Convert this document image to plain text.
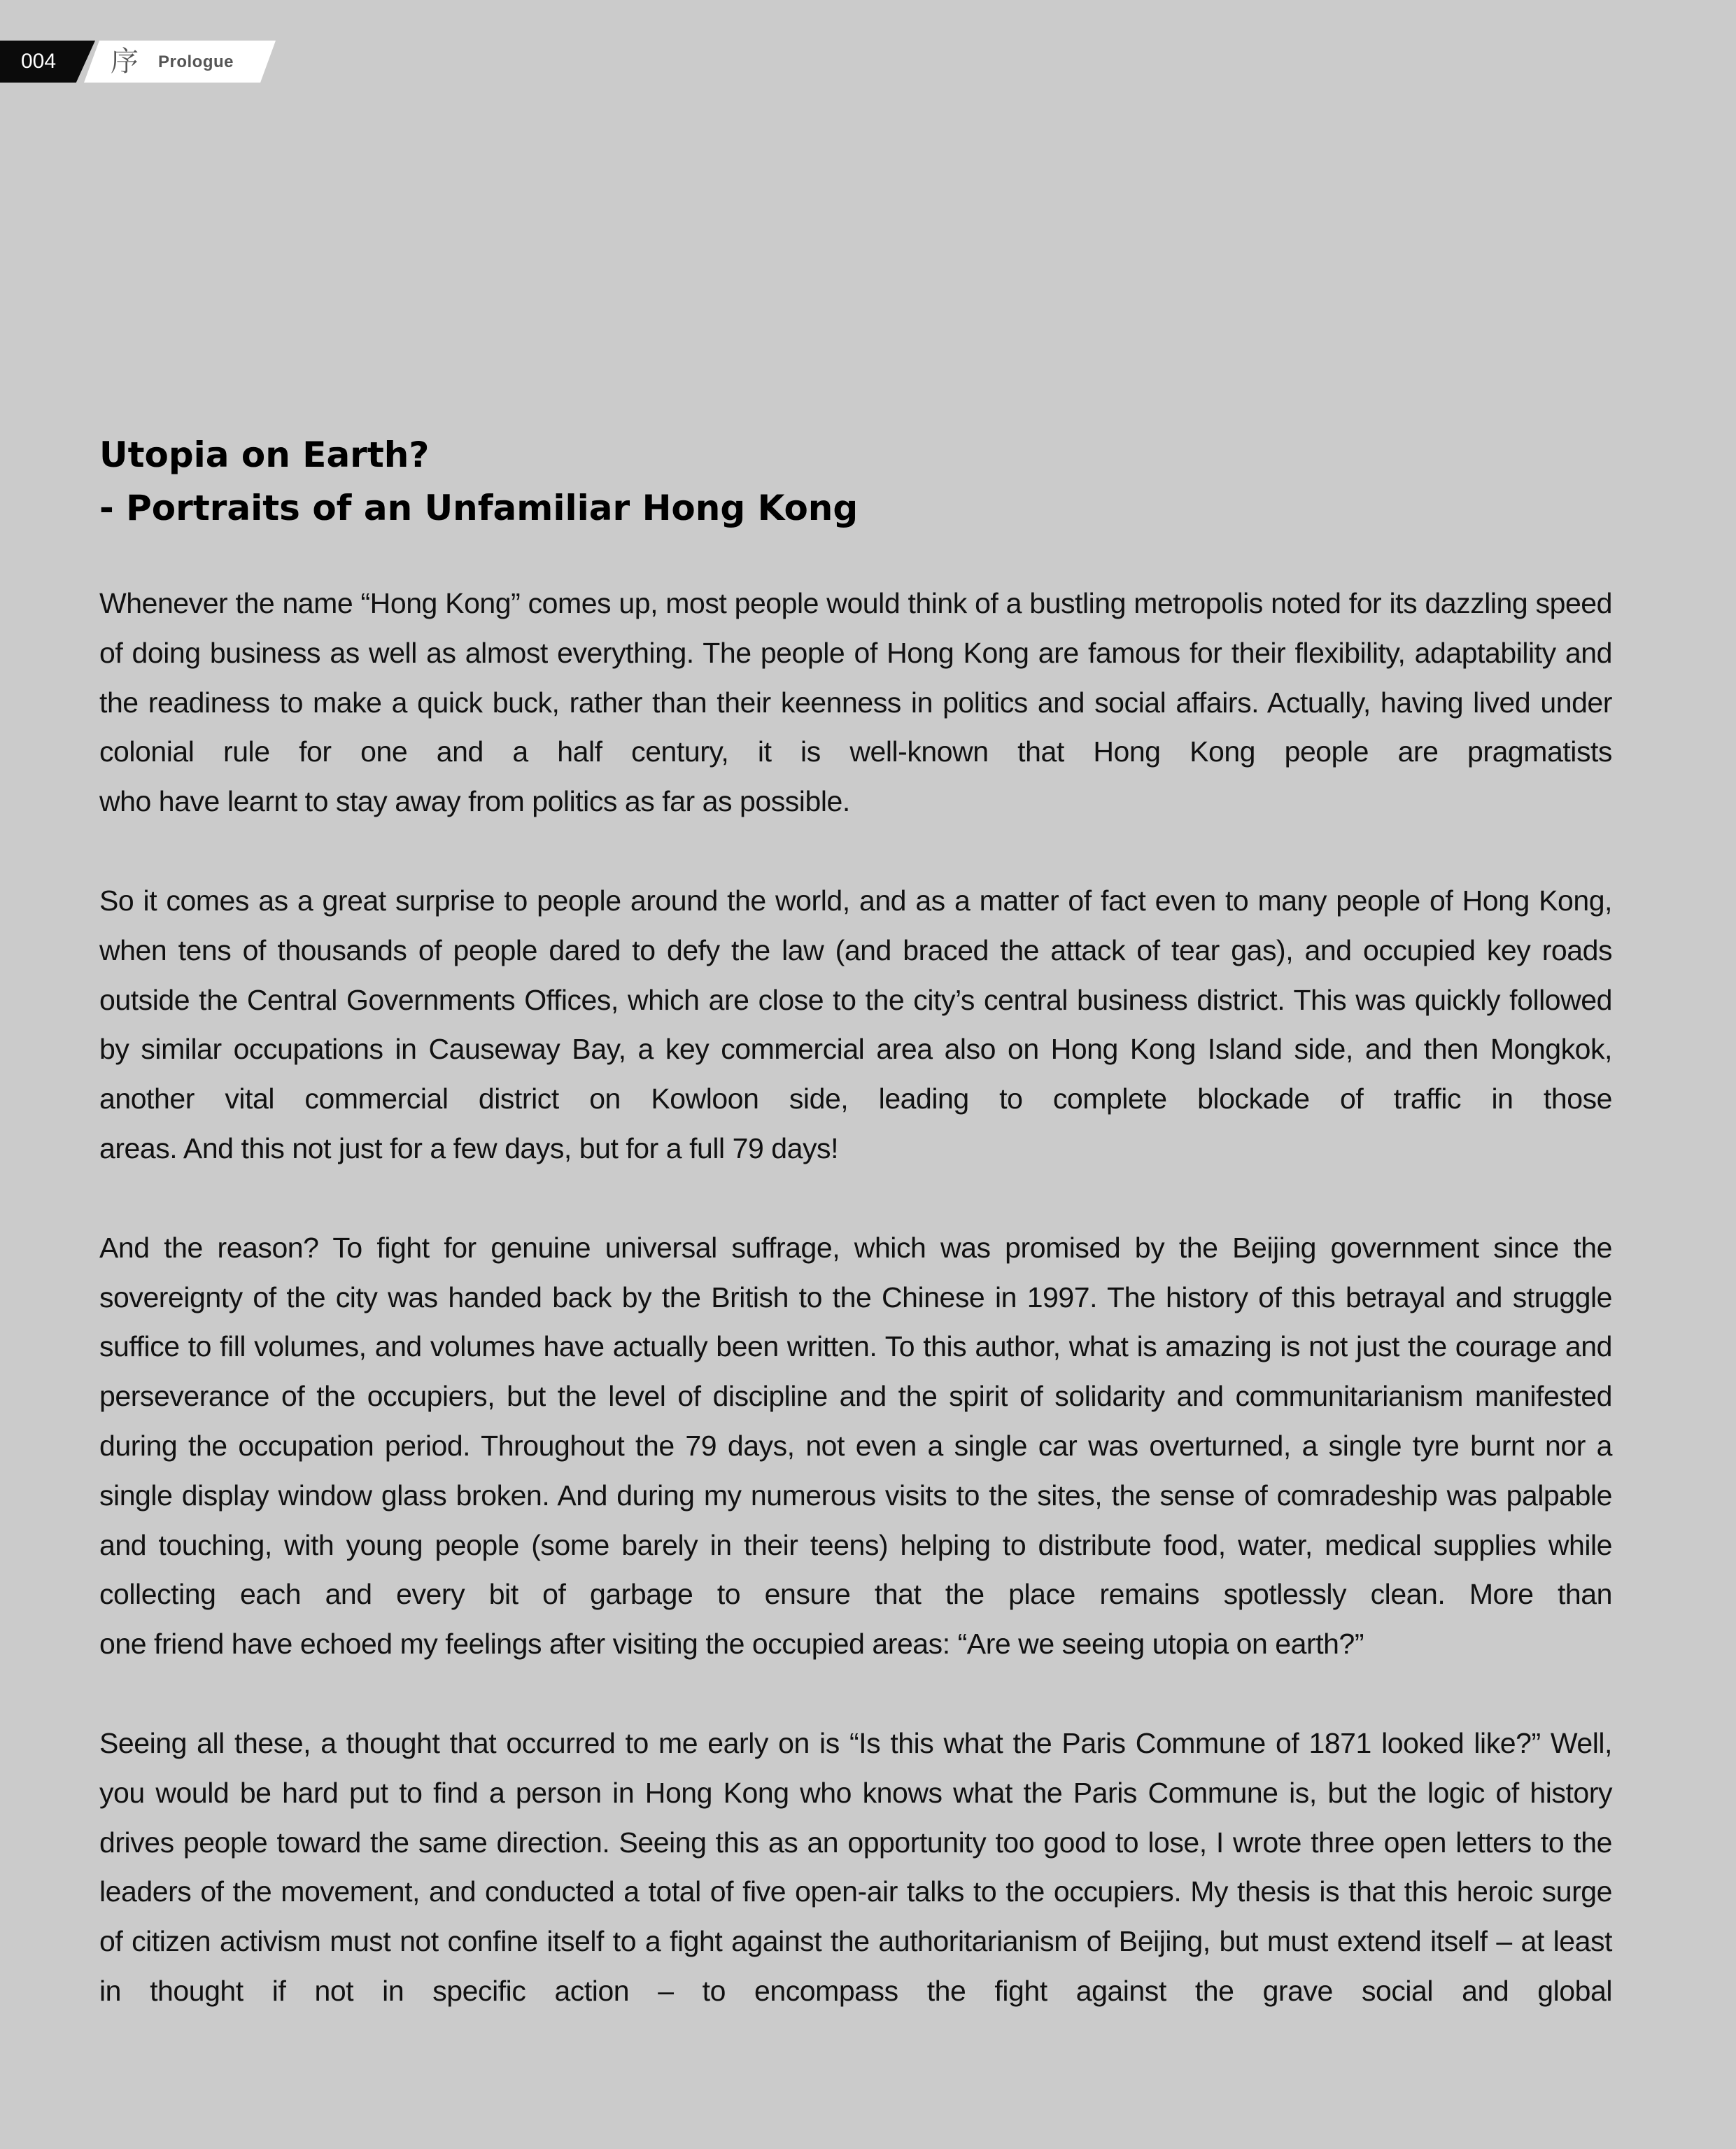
004 序 Prologue
Utopia on Earth?
- Portraits of an Unfamiliar Hong Kong

Whenever the name “Hong Kong” comes up, most people would think of a bustling metropolis noted for its dazzling speed of doing business as well as almost everything. The people of Hong Kong are famous for their flexibility, adaptability and the readiness to make a quick buck, rather than their keenness in politics and social affairs. Actually, having lived under colonial rule for one and a half century, it is well-known that Hong Kong people are pragmatists
who have learnt to stay away from politics as far as possible.

So it comes as a great surprise to people around the world, and as a matter of fact even to many people of Hong Kong, when tens of thousands of people dared to defy the law (and braced the attack of tear gas), and occupied key roads outside the Central Governments Offices, which are close to the city’s central business district. This was quickly followed by similar occupations in Causeway Bay, a key commercial area also on Hong Kong Island side, and then Mongkok, another vital commercial district on Kowloon side, leading to complete blockade of traffic in those
areas. And this not just for a few days, but for a full 79 days!

And the reason? To fight for genuine universal suffrage, which was promised by the Beijing government since the sovereignty of the city was handed back by the British to the Chinese in 1997. The history of this betrayal and struggle suffice to fill volumes, and volumes have actually been written. To this author, what is amazing is not just the courage and perseverance of the occupiers, but the level of discipline and the spirit of solidarity and communitarianism manifested during the occupation period. Throughout the 79 days, not even a single car was overturned, a single tyre burnt nor a single display window glass broken. And during my numerous visits to the sites, the sense of comradeship was palpable and touching, with young people (some barely in their teens) helping to distribute food, water, medical supplies while collecting each and every bit of garbage to ensure that the place remains spotlessly clean. More than
one friend have echoed my feelings after visiting the occupied areas: “Are we seeing utopia on earth?”

Seeing all these, a thought that occurred to me early on is “Is this what the Paris Commune of 1871 looked like?” Well, you would be hard put to find a person in Hong Kong who knows what the Paris Commune is, but the logic of history drives people toward the same direction. Seeing this as an opportunity too good to lose, I wrote three open letters to the leaders of the movement, and conducted a total of five open-air talks to the occupiers. My thesis is that this heroic surge of citizen activism must not confine itself to a fight against the authoritarianism of Beijing, but must extend itself – at least in thought if not in specific action – to encompass the fight against the grave social and global
